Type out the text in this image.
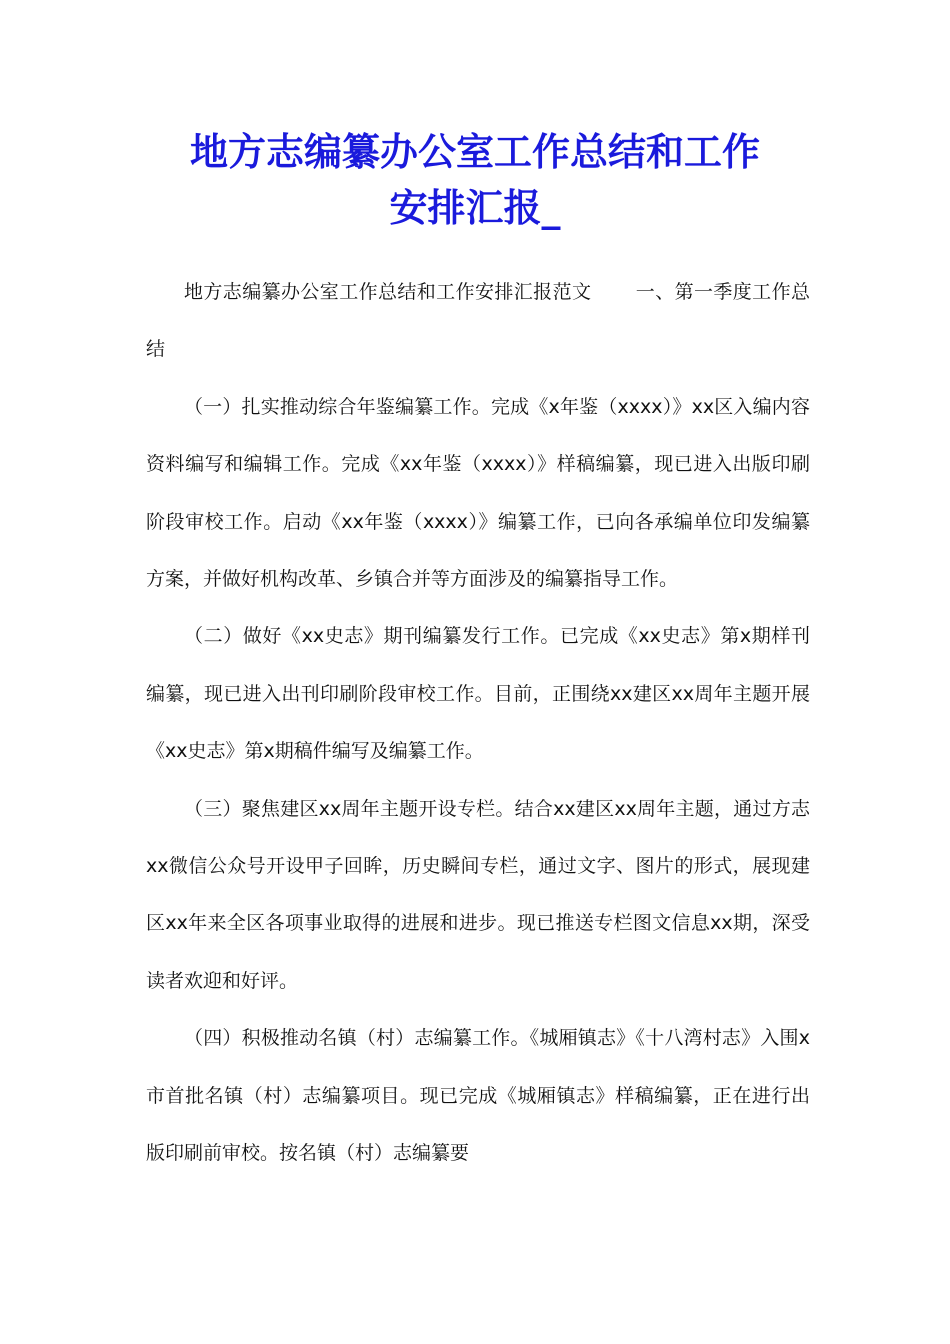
地方志编纂办公室工作总结和工作
安排汇报_

地方志编纂办公室工作总结和工作安排汇报范文 一、第一季度工作总结

（一）扎实推动综合年鉴编纂工作。完成《x年鉴（xxxx）》xx区入编内容资料编写和编辑工作。完成《xx年鉴（xxxx）》样稿编纂，现已进入出版印刷阶段审校工作。启动《xx年鉴（xxxx）》编纂工作，已向各承编单位印发编纂方案，并做好机构改革、乡镇合并等方面涉及的编纂指导工作。

（二）做好《xx史志》期刊编纂发行工作。已完成《xx史志》第x期样刊编纂，现已进入出刊印刷阶段审校工作。目前，正围绕xx建区xx周年主题开展《xx史志》第x期稿件编写及编纂工作。

（三）聚焦建区xx周年主题开设专栏。结合xx建区xx周年主题，通过方志xx微信公众号开设甲子回眸，历史瞬间专栏，通过文字、图片的形式，展现建区xx年来全区各项事业取得的进展和进步。现已推送专栏图文信息xx期，深受读者欢迎和好评。

（四）积极推动名镇（村）志编纂工作。《城厢镇志》《十八湾村志》入围x市首批名镇（村）志编纂项目。现已完成《城厢镇志》样稿编纂，正在进行出版印刷前审校。按名镇（村）志编纂要
